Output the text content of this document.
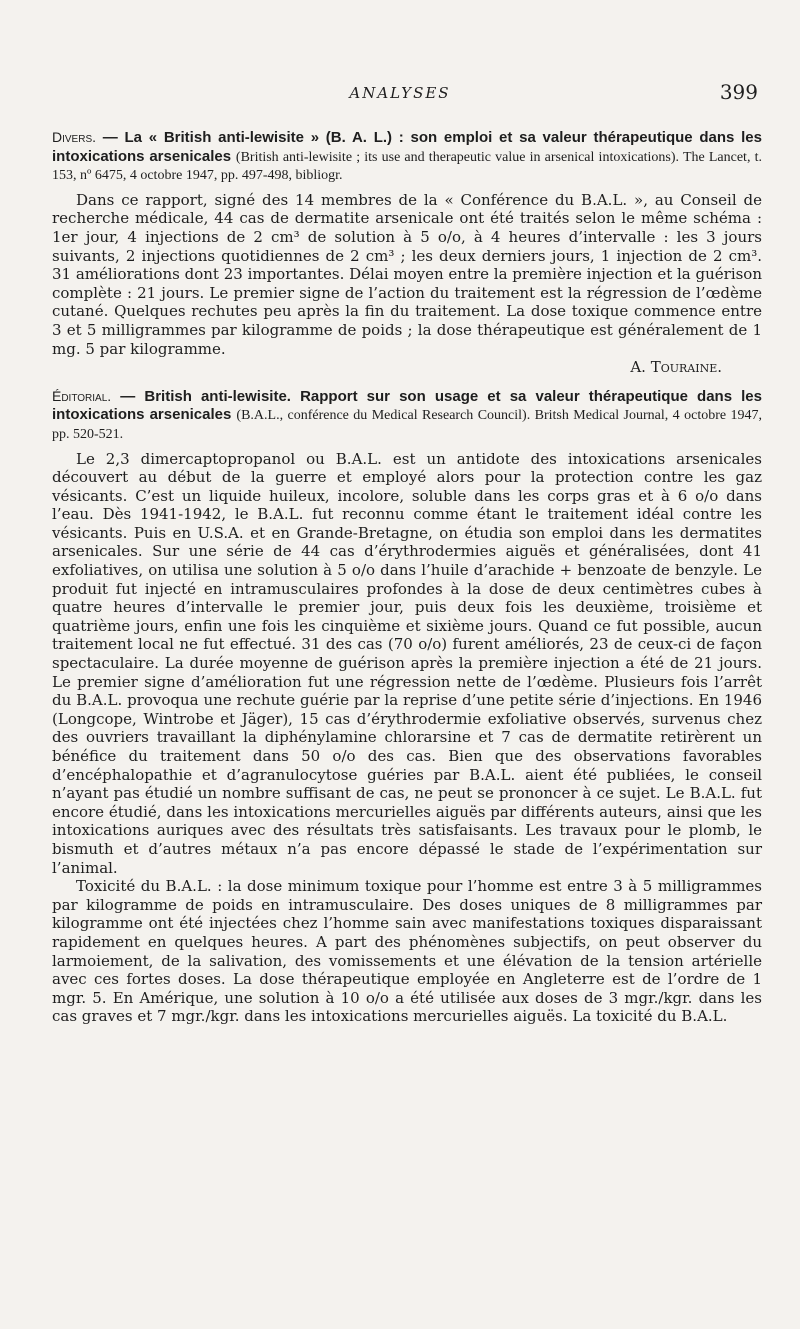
ANALYSES	399
Divers. — La « British anti-lewisite » (B. A. L.) : son emploi et sa valeur thérapeutique dans les intoxications arsenicales (British anti-lewisite ; its use and therapeutic value in arsenical intoxications). The Lancet, t. 153, nº 6475, 4 octobre 1947, pp. 497-498, bibliogr.

Dans ce rapport, signé des 14 membres de la « Conférence du B.A.L. », au Conseil de recherche médicale, 44 cas de dermatite arsenicale ont été traités selon le même schéma : 1er jour, 4 injections de 2 cm³ de solution à 5 o/o, à 4 heures d’intervalle : les 3 jours suivants, 2 injections quotidiennes de 2 cm³ ; les deux derniers jours, 1 injection de 2 cm³. 31 améliorations dont 23 importantes. Délai moyen entre la première injection et la guérison complète : 21 jours. Le premier signe de l’action du traitement est la régression de l’œdème cutané. Quelques rechutes peu après la fin du traitement. La dose toxique commence entre 3 et 5 milligrammes par kilogramme de poids ; la dose thérapeutique est généralement de 1 mg. 5 par kilogramme.

A. Touraine.
Éditorial. — British anti-lewisite. Rapport sur son usage et sa valeur thérapeutique dans les intoxications arsenicales (B.A.L., conférence du Medical Research Council). Britsh Medical Journal, 4 octobre 1947, pp. 520-521.

Le 2,3 dimercaptopropanol ou B.A.L. est un antidote des intoxications arsenicales découvert au début de la guerre et employé alors pour la protection contre les gaz vésicants. C’est un liquide huileux, incolore, soluble dans les corps gras et à 6 o/o dans l’eau. Dès 1941-1942, le B.A.L. fut reconnu comme étant le traitement idéal contre les vésicants. Puis en U.S.A. et en Grande-Bretagne, on étudia son emploi dans les dermatites arsenicales. Sur une série de 44 cas d’érythrodermies aiguës et généralisées, dont 41 exfoliatives, on utilisa une solution à 5 o/o dans l’huile d’arachide + benzoate de benzyle. Le produit fut injecté en intramusculaires profondes à la dose de deux centimètres cubes à quatre heures d’intervalle le premier jour, puis deux fois les deuxième, troisième et quatrième jours, enfin une fois les cinquième et sixième jours. Quand ce fut possible, aucun traitement local ne fut effectué. 31 des cas (70 o/o) furent améliorés, 23 de ceux-ci de façon spectaculaire. La durée moyenne de guérison après la première injection a été de 21 jours. Le premier signe d’amélioration fut une régression nette de l’œdème. Plusieurs fois l’arrêt du B.A.L. provoqua une rechute guérie par la reprise d’une petite série d’injections. En 1946 (Longcope, Wintrobe et Jäger), 15 cas d’érythrodermie exfoliative observés, survenus chez des ouvriers travaillant la diphénylamine chlorarsine et 7 cas de dermatite retirèrent un bénéfice du traitement dans 50 o/o des cas. Bien que des observations favorables d’encéphalopathie et d’agranulocytose guéries par B.A.L. aient été publiées, le conseil n’ayant pas étudié un nombre suffisant de cas, ne peut se prononcer à ce sujet. Le B.A.L. fut encore étudié, dans les intoxications mercurielles aiguës par différents auteurs, ainsi que les intoxications auriques avec des résultats très satisfaisants. Les travaux pour le plomb, le bismuth et d’autres métaux n’a pas encore dépassé le stade de l’expérimentation sur l’animal.

Toxicité du B.A.L. : la dose minimum toxique pour l’homme est entre 3 à 5 milligrammes par kilogramme de poids en intramusculaire. Des doses uniques de 8 milligrammes par kilogramme ont été injectées chez l’homme sain avec manifestations toxiques disparaissant rapidement en quelques heures. A part des phénomènes subjectifs, on peut observer du larmoiement, de la salivation, des vomissements et une élévation de la tension artérielle avec ces fortes doses. La dose thérapeutique employée en Angleterre est de l’ordre de 1 mgr. 5. En Amérique, une solution à 10 o/o a été utilisée aux doses de 3 mgr./kgr. dans les cas graves et 7 mgr./kgr. dans les intoxications mercurielles aiguës. La toxicité du B.A.L.
